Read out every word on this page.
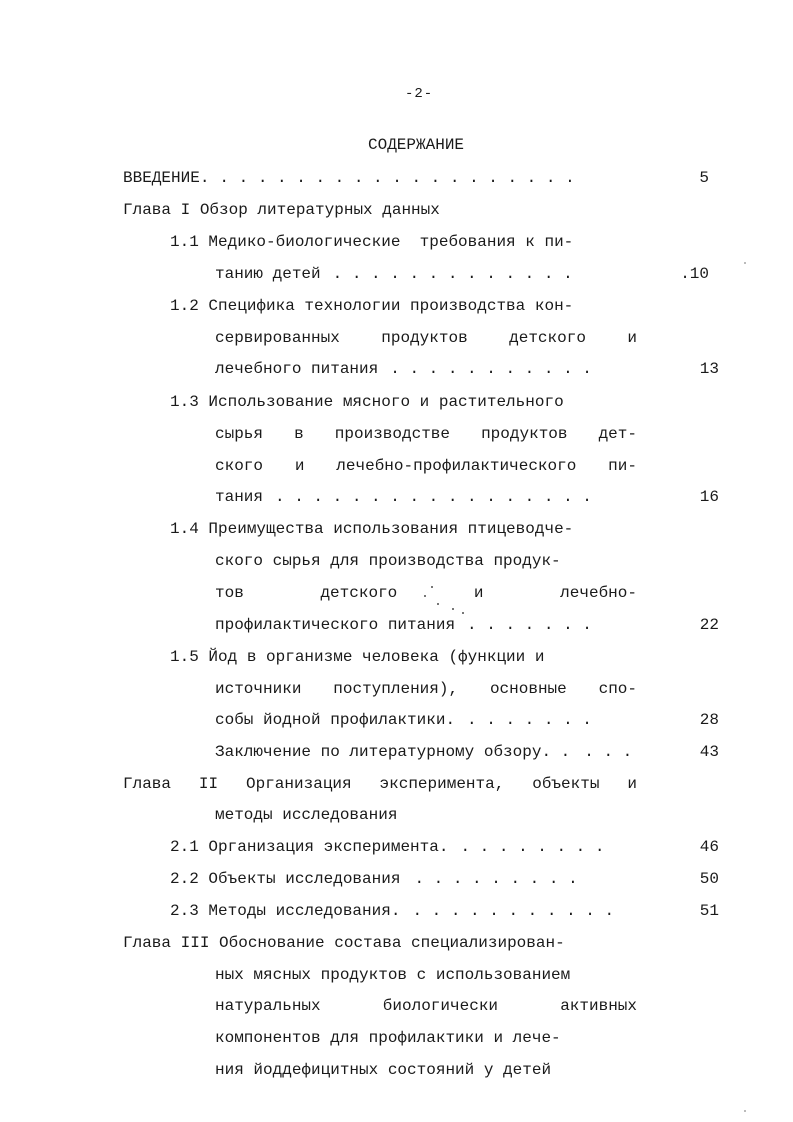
-2-
СОДЕРЖАНИЕ
ВВЕДЕНИЕ. . . . . . . . . . . . . . . . . . . .	5
Глава I Обзор литературных данных
1.1 Медико-биологические  требования к пи-
танию детей . . . . . . . . . . . . .	.10
1.2 Специфика технологии производства кон-
сервированных	продуктов	детского	и
лечебного питания . . . . . . . . . . .	13
1.3 Использование мясного и растительного
сырья в производстве продуктов дет-
ского и лечебно-профилактического пи-
тания . . . . . . . . . . . . . . . . .	16
1.4 Преимущества использования птицеводче-
ского сырья для производства продук-
тов	детского	и	лечебно-
профилактического питания . . . . . . .	22
1.5 Йод в организме человека (функции и
источники поступления), основные спо-
собы йодной профилактики. . . . . . . .	28
Заключение по литературному обзору. . . . .	43
Глава II Организация эксперимента, объекты и
методы исследования
2.1 Организация эксперимента. . . . . . . . .	46
2.2 Объекты исследования . . . . . . . . .	50
2.3 Методы исследования. . . . . . . . . . . .	51
Глава III Обоснование состава специализирован-
ных мясных продуктов с использованием
натуральных	биологически	активных
компонентов для профилактики и лече-
ния йоддефицитных состояний у детей
